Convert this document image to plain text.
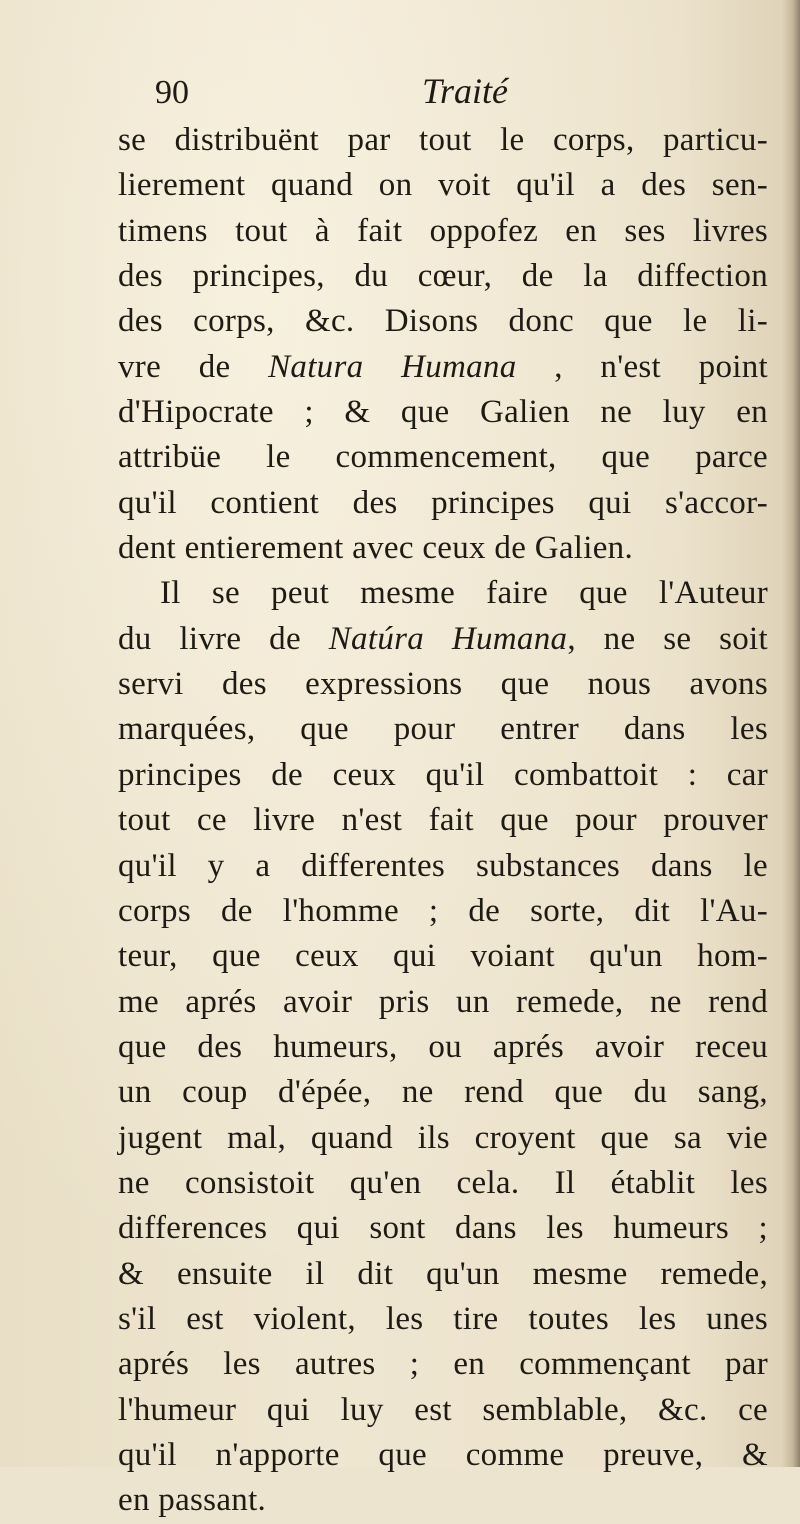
90	Traité
se distribuënt par tout le corps, particu-
lierement quand on voit qu'il a des sen-
timens tout à fait oppofez en ses livres
des principes, du cœur, de la diffection
des corps, &c. Disons donc que le li-
vre de Natura Humana , n'est point
d'Hipocrate ; & que Galien ne luy en
attribüe le commencement, que parce
qu'il contient des principes qui s'accor-
dent entierement avec ceux de Galien.
Il se peut mesme faire que l'Auteur
du livre de Natúra Humana, ne se soit
servi des expressions que nous avons
marquées, que pour entrer dans les
principes de ceux qu'il combattoit : car
tout ce livre n'est fait que pour prouver
qu'il y a differentes substances dans le
corps de l'homme ; de sorte, dit l'Au-
teur, que ceux qui voiant qu'un hom-
me aprés avoir pris un remede, ne rend
que des humeurs, ou aprés avoir receu
un coup d'épée, ne rend que du sang,
jugent mal, quand ils croyent que sa vie
ne consistoit qu'en cela. Il établit les
differences qui sont dans les humeurs ;
& ensuite il dit qu'un mesme remede,
s'il est violent, les tire toutes les unes
aprés les autres ; en commençant par
l'humeur qui luy est semblable, &c. ce
qu'il n'apporte que comme preuve, &
en passant.
